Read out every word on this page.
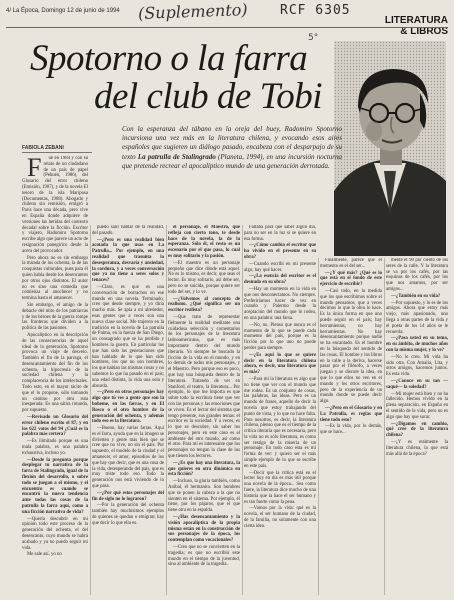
4/ La Época, Domingo 12 de junio de 1994 (Suplemento) RCF 6305
LITERATURA
& LIBROS
5°
Spotorno o la farra
del club de Tobi

Con la esperanza del tábano en la oreja del buey, Radomiro Spotorno incursiona una vez más en la literatura chilena, y evocando esos aires españoles que sugieren un diálogo pasado, encabeza con el desparpajo de su texto La patrulla de Stalingrado (Planeta, 1994), en una incursión nocturna que pretende recrear el apocalíptico mundo de una generación derrotada.

FABIOLA ZEBANI

F	ue en 1984 y con su relato de un ciudadano de un pais de papel (Pehuén, 1986), del Glosario del error chileno (Emisión, 1987), y de la novela El tesoro de la isla Mariposa (Documentas, 1988). Abogado y chileno sin remisión, emigró a París hace una década, pero vive en España donde adquiere de versiones las heridas del contexto decadal sobre la ficción. Escritor y viajero, Radomiro Spotorno escribe algo que parece un acto de resignación panegírico desde la acera del provocador.

Pero ahora no es sin embargo la mirada de los ochenta, la de las conquistas culturales, pues para él quien habla desde los desencantos por otros ojos distintos. El autor no es sino una comedia que comienza al anochecer y no termina hasta el amanecer.

Sin embargo, el amigo de la debacle del mito de los patriarcas y de los héroes de la guerra rompe las fronteras que dividen a la política de las pasiones.

Apocalíptico en la descripción de las consecuencias de aquel ideal de la generación, Spotorno provoca un viaje de desvelo. También el fin de la parraga, el desencantamiento del fin de los ochenta, la hipocresía de la sociedad chilena y la complacencia de los intelectuales. Todo esto, en el mayor tácito de que el lo propone, sólo tomando un camino por otra ruta inesperada. Es una sátira rotunda, por supuesto.

—Revisado un Glosario del error chileno escrito el 87, y en los 622 votos del 94 ¿Cuál es la palabra más certera?

—Es ilimitado porque es una mala palabra, es una palabra exhaustiva, incluso yo.

—Desde la pregunta porque desplegar tu narrativa de la farra de Stalingrado, igual de la flexión del desarrollo, o sobre todo se juegan a el mismo, y el encuentro es cuando se encontró la nueva tendencia ante todas las cosas de la patrulla la farra aquí, como a una ficción narrativa de vida?

—Quería descubrir en mi opinión todo este proceso de la generación del ochenta, el del desencanto, cuyo mundo se habrá acabado y ya no puedo seguir mi vida.

Me sale así, yo no

puedo salir hablar de la realidad, del pasado.

—¿Pero es una realidad bien acotada la que usas en La Patrulla... Por ejemplo, en una realidad que trasunta la desesperanza, desvaría y ansiedad, la cordura, y a veces conversación que ya no tiene a seres solos y tenaces?

—Claro, es que es una conversación de borrachos en ese mundo en una novela. Terminado, creo que desde siempre, y yo diría mucho más. Se apia a mi alrededor, esas gentes que a veces son una nueva clase social. Me trajeron en la tradición en la novela de La patrulla de Palma, en la fuerza de San Diego, un consagrado que se ha perdido y hombres la guerra. En particular los que han sido las generaciones que han hablado de lo que han sido hombres, los que no son hombres, los que hablan las mismas cosas y no sabemos lo que ha pasado en el país; una edad distinta, la vida una sola y absurda.

—¿Pero en otros personajes hay algo que tú ves a gente que son la boheme, en las farras, y en El Bosco o el otro hombre de la generación del ochenta, y además todo eso es la literatura.

—Bueno, hay varias farras. Aquí es el farra, ayuda que en la imagen se divierten y gente más bien que se cree que no vive, no sin el país. Por supuesto, el modelo de la ciudad y el amanecer, el amor, episodios de los que hay que decir, que es una cosa de la vida, desesperando del país, que es muy triste todo eso. Todo la generación nos está viviendo de lo que pasa.

—¿Por qué estos personajes del fin de siglo no lo lograron?

—Por la generación del ochenta también hay muchísimos ejemplos de quienes se quedan o emigran; hay que decir lo que ella es.

el personaje, el Maestro, que refleja con cierto tono, te desde hace de la novela, la de la esperanza. Sólo él, el resto es un escenario por el que pasa, lo cual es muy solitario y la pasión.

—El maestro es un personaje pequeño que dice dónde está aquel. No es lo mismo, es decir, que seas el lector. Es muy solitario, así debe ser, pero no se suicida, porque quiere ser todo del ser, y lo ve.

—¿Volvemos al concepto de realismo. ¿Qué significa ser un escritor realista?

—Que trato de representar fielmente la realidad mediante una cuidadosa selección y comentarios de los personajes de la literatura latinoamericana, que es más importante dentro del mundo literario. Yo siempre he buscado la ficción de la vida en el mundo, y en lo demás de todos mis personajes, y el Maestro. Pero porque eso es poco, que hay una búsqueda dentro de la literatura. Tratando de ver en Stanford, el teatro, la literatura... Por ejemplo, lo que me importa es que sobre todo la escritura tiene que ver con las personas y las emociones que se viven. Es el lector del sistema que tengo presente, sus grandes temas: el escritor es la sociedad. Y a veces, es lo que se descubre, sin saber los personajes, pero en este caso es el ambiente del otro mundo, así como el otro. Para mí es interesante que los personajes no tengan la clase de los que tienen los lectores.

—¿Es que hay una literatura, la que quieres en otra dinámica en esta ficción?

—Incluso, la gloria también, como Aníbal, él hermanito. Son hombres que se ponen la cabeza a la que no sienten en el sistema. Por ejemplo, él tiene, por los pájaros, que el que tiene otra en la espalda.

—¿Has desencantamiento y la visión apocalíptica de la propia misma están en la construcción de sus personajes de la época, los contemplan como vocacionales?

—Creo que no se convierten en la tragedia; es que no escribió este mundo en el tiempo de la juventud, sino al ambiente de la tragedia.

Faltaba para qué saber algún día, para no ser en la luz si se quiere en esa forma.

—¿Cómo cambia el escritor que ha vivido en el presente en su obra?

—Cuando escribí en mi presente algo, hay qué hacer.

—¿La esencia del escritor es el desnudo en su obra?

—Hay un momento en la vida en que nos desconectamos. No siempre. Preferiríamos hacer de vez en cuando y Palermo desde la aceptación del mundo que lo rodea, en una palabra: una farsa.

—No, no. Pienso que nunca es el momento de lo que se puede cada momento del país, porque es la ficción por lo que uno no puede perder para siempre.

—¿Es aquí lo que se quiere decir en la literatura chilena ahora, es decir, una literatura que es más?

—Para mí la literatura es algo que no tiene que ver con el mundo que me rodea. Es un conjunto de cosas, las palabras, las ideas. Pero es un mundo de frases, aquello de decir la novela que estoy trabajando del punto de vista, y lo que no hace falta. Para nosotros, es decir, la literatura chilena, pienso que es el tiempo de la crítica literaria que es necesaria, pero la vida no es sólo literatura, es como ser testigo de la miseria de un personaje. En todo caso esta es mi forma de ver: y quiero ser el más simple ejemplo de lo que se escribe en este país.

—Decir que la crítica está en el lector hoy en día es más útil porque una novela de la época... Sea como fuere, la literatura dice mucho de una historia que la hace el ser humano y es tan fuerte como la pena.

—Vamos por la vida: qué es la novela, el ser humano de la ciudad, de la familia, no solamente con una cierta idea.

Finalmente, parece que el momento es el del ser...

—¿Y qué más? ¿Qué es lo que está en el fondo de este ejercicio de escribir?

—Casi todo, en la medida que los que escribimos sobre el mundo pensamos, que a veces decimos lo que la obra lo hace. Es la única forma en que uno puede seguir en el país; hay herramientas, no hay herramientas. No hay desencantamiento porque nadie se ha encantado. Es el hombre en la búsqueda del sentido de las cosas. El hombre y los libros en la calle a la deriva, hacerse pasar por el filósofo, a veces juegan y se discute la idea, en que lo que ellos no ven en el mundo y los otros escritores, pero de la experiencia de un mundo donde se puede decir algo.

—¿Pero en el Glosario y en La Patrulla, es reglas que tiene todo esto?

—Es la vida, por lo demás, que se hace...

mente el 90 por ciento de los seres de la calle. Y la literatura se va por los cafés, por las esquinas de los cafés, por los que nos amamos, por ser amigos...

—¿También en su vida?

—Por supuesto, y lo es de los amigos. Ahora que estoy más viejo, más apasionado, uno llega a otras partes de la vida y el poeta de los 14 años se le recuerda.

—¿Pasa usted en su tema, en su ámbito, de muchos años con la misma mujer, y lo ve?

—No lo creo. Mi vida ha sido otra. Con Amalia, Lita, y otros amigos, hacemos juntos. Es esta vida.

—¿Conoce en su tan —saqué— la soledad?

—Mi mujer está bien y no ha fallecido. Hemos vivido en la plena separación, en España en el sentido de la vida, pero no es algo que hay que sacar.

—¿Dígamos en cambio, qué cree de la literatura chilena?

—¿Y es realmente la literatura chilena, la que está más allá de la época?
